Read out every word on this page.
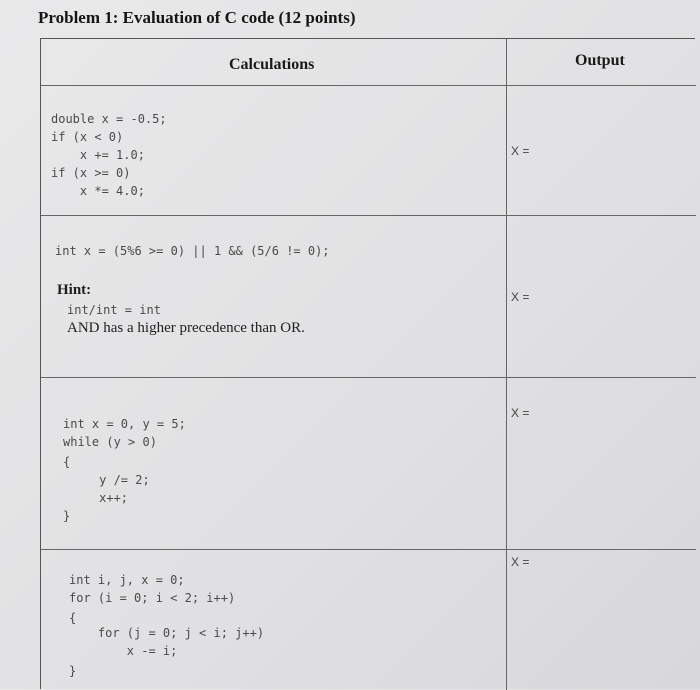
Problem 1: Evaluation of C code (12 points)
Calculations	Output
double x = -0.5;
if (x < 0)
x += 1.0;
if (x >= 0)
x *= 4.0;
X =
int x = (5%6 >= 0) || 1 && (5/6 != 0);
Hint:
int/int = int
AND has a higher precedence than OR.
X =
int x = 0, y = 5;
while (y > 0)
{
y /= 2;
x++;
}
X =
int i, j, x = 0;
for (i = 0; i < 2; i++)
{
for (j = 0; j < i; j++)
x -= i;
}
X =
